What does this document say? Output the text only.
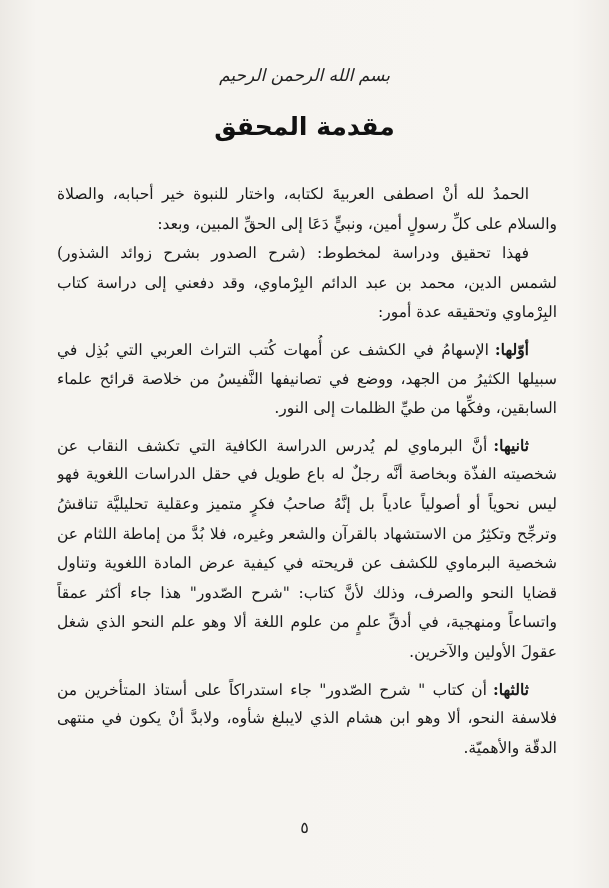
بسم الله الرحمن الرحيم
مقدمة المحقق
الحمدُ لله أنْ اصطفى العربيةَ لكتابه، واختار للنبوة خير أحبابه، والصلاة
والسلام على كلِّ رسولٍ أمين، ونبيٍّ دَعَا إلى الحقِّ المبين، وبعد:
فهذا تحقيق ودراسة لمخطوط: (شرح الصدور بشرح زوائد الشذور)
لشمس الدين، محمد بن عبد الدائم البِرْماوي، وقد دفعني إلى دراسة كتاب
البِرْماوي وتحقيقه عدة أمور:
أوّلها:الإسهامُ في الكشف عن أُمهات كُتب التراث العربي التي بُذِل في
سبيلها الكثيرُ من الجهد، ووضع في تصانيفها النَّفيسُ من خلاصة قرائح علماء
السابقين، وفكِّها من طيِّ الظلمات إلى النور.
ثانيها:أنَّ البرماوي لم يُدرس الدراسة الكافية التي تكشف النقاب عن
شخصيته الفذّة وبخاصة أنَّه رجلٌ له باع طويل في حقل الدراسات اللغوية فهو
ليس نحوياً أو أصولياً عادياً بل إنَّهُ صاحبُ فكرٍ متميز وعقلية تحليليَّة تناقشُ
وترجِّح وتكثِرُ من الاستشهاد بالقرآن والشعر وغيره، فلا بُدَّ من إماطة اللثام عن
شخصية البرماوي للكشف عن قريحته في كيفية عرض المادة اللغوية وتناول
قضايا النحو والصرف، وذلك لأنَّ كتاب: "شرح الصّدور" هذا جاء أكثر عمقاً
واتساعاً ومنهجية، في أدقِّ علمٍ من علوم اللغة ألا وهو علم النحو الذي شغل
عقولَ الأولين والآخرين.
ثالثها:أن كتاب " شرح الصّدور" جاء استدراكاً على أستاذ المتأخرين من
فلاسفة النحو، ألا وهو ابن هشام الذي لايبلغ شأوه، ولابدَّ أنْ يكون في منتهى
الدقّة والأهميّة.
٥
